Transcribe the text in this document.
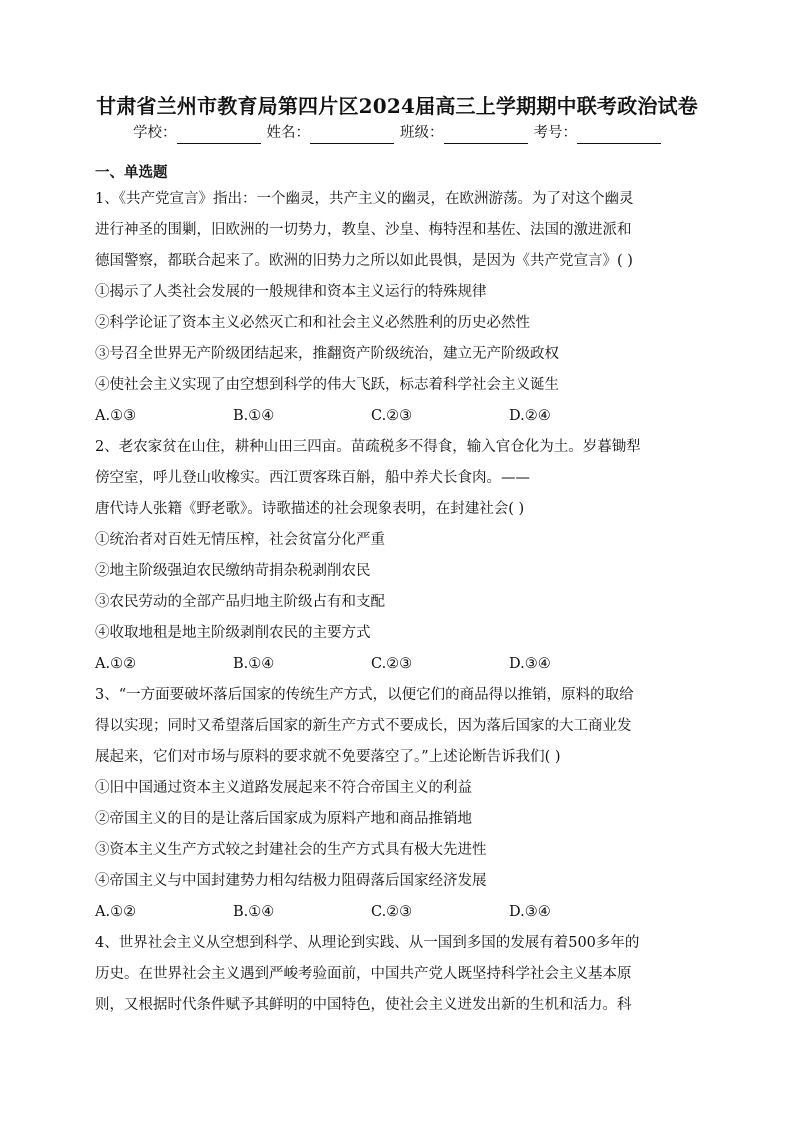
甘肃省兰州市教育局第四片区2024届高三上学期期中联考政治试卷
学校：	姓名：	班级：	考号：
一、单选题

1、《共产党宣言》指出：一个幽灵，共产主义的幽灵，在欧洲游荡。为了对这个幽灵

进行神圣的围剿，旧欧洲的一切势力，教皇、沙皇、梅特涅和基佐、法国的激进派和

德国警察，都联合起来了。欧洲的旧势力之所以如此畏惧，是因为《共产党宣言》( )

①揭示了人类社会发展的一般规律和资本主义运行的特殊规律

②科学论证了资本主义必然灭亡和和社会主义必然胜利的历史必然性

③号召全世界无产阶级团结起来，推翻资产阶级统治，建立无产阶级政权

④使社会主义实现了由空想到科学的伟大飞跃，标志着科学社会主义诞生

A.①③	B.①④	C.②③	D.②④

2、老农家贫在山住，耕种山田三四亩。苗疏税多不得食，输入官仓化为土。岁暮锄犁

傍空室，呼儿登山收橡实。西江贾客珠百斛，船中养犬长食肉。——

唐代诗人张籍《野老歌》。诗歌描述的社会现象表明，在封建社会( )

①统治者对百姓无情压榨，社会贫富分化严重

②地主阶级强迫农民缴纳苛捐杂税剥削农民

③农民劳动的全部产品归地主阶级占有和支配

④收取地租是地主阶级剥削农民的主要方式

A.①②	B.①④	C.②③	D.③④

3、“一方面要破坏落后国家的传统生产方式，以便它们的商品得以推销，原料的取给

得以实现；同时又希望落后国家的新生产方式不要成长，因为落后国家的大工商业发

展起来，它们对市场与原料的要求就不免要落空了。”上述论断告诉我们( )

①旧中国通过资本主义道路发展起来不符合帝国主义的利益

②帝国主义的目的是让落后国家成为原料产地和商品推销地

③资本主义生产方式较之封建社会的生产方式具有极大先进性

④帝国主义与中国封建势力相勾结极力阻碍落后国家经济发展

A.①②	B.①④	C.②③	D.③④

4、世界社会主义从空想到科学、从理论到实践、从一国到多国的发展有着500多年的

历史。在世界社会主义遇到严峻考验面前，中国共产党人既坚持科学社会主义基本原

则，又根据时代条件赋予其鲜明的中国特色，使社会主义迸发出新的生机和活力。科
